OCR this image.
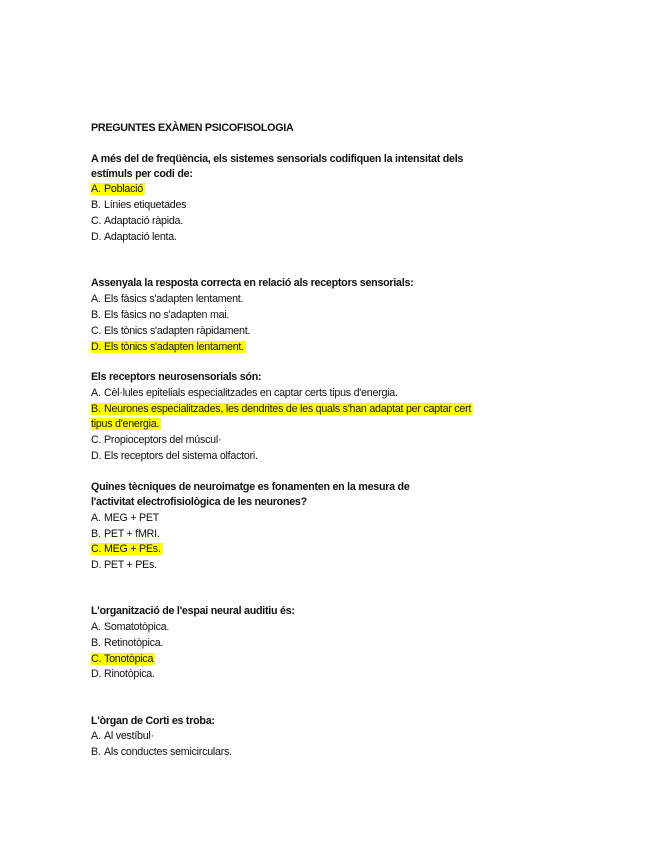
PREGUNTES EXÀMEN PSICOFISOLOGIA
A més del de freqüència, els sistemes sensorials codifiquen la intensitat dels
estímuls per codi de:
A. Població
B. Línies etiquetades
C. Adaptació ràpida.
D. Adaptació lenta.
Assenyala la resposta correcta en relació als receptors sensorials:
A. Els fàsics s'adapten lentament.
B. Els fàsics no s'adapten mai.
C. Els tònics s'adapten ràpidament.
D. Els tònics s'adapten lentament.
Els receptors neurosensorials són:
A. Cèl·lules epitelials especialitzades en captar certs tipus d'energia.
B. Neurones especialitzades, les dendrites de les quals s'han adaptat per captar cert
tipus d'energia.
C. Propioceptors del múscul·
D. Els receptors del sistema olfactori.
Quines tècniques de neuroimatge es fonamenten en la mesura de
l'activitat electrofisiològica de les neurones?
A. MEG + PET
B. PET + fMRI.
C. MEG + PEs.
D. PET + PEs.
L'organització de l'espai neural auditiu és:
A. Somatotòpica.
B. Retinotòpica.
C. Tonotòpica
D. Rinotòpica.
L'òrgan de Corti es troba:
A. Al vestíbul·
B. Als conductes semicirculars.
